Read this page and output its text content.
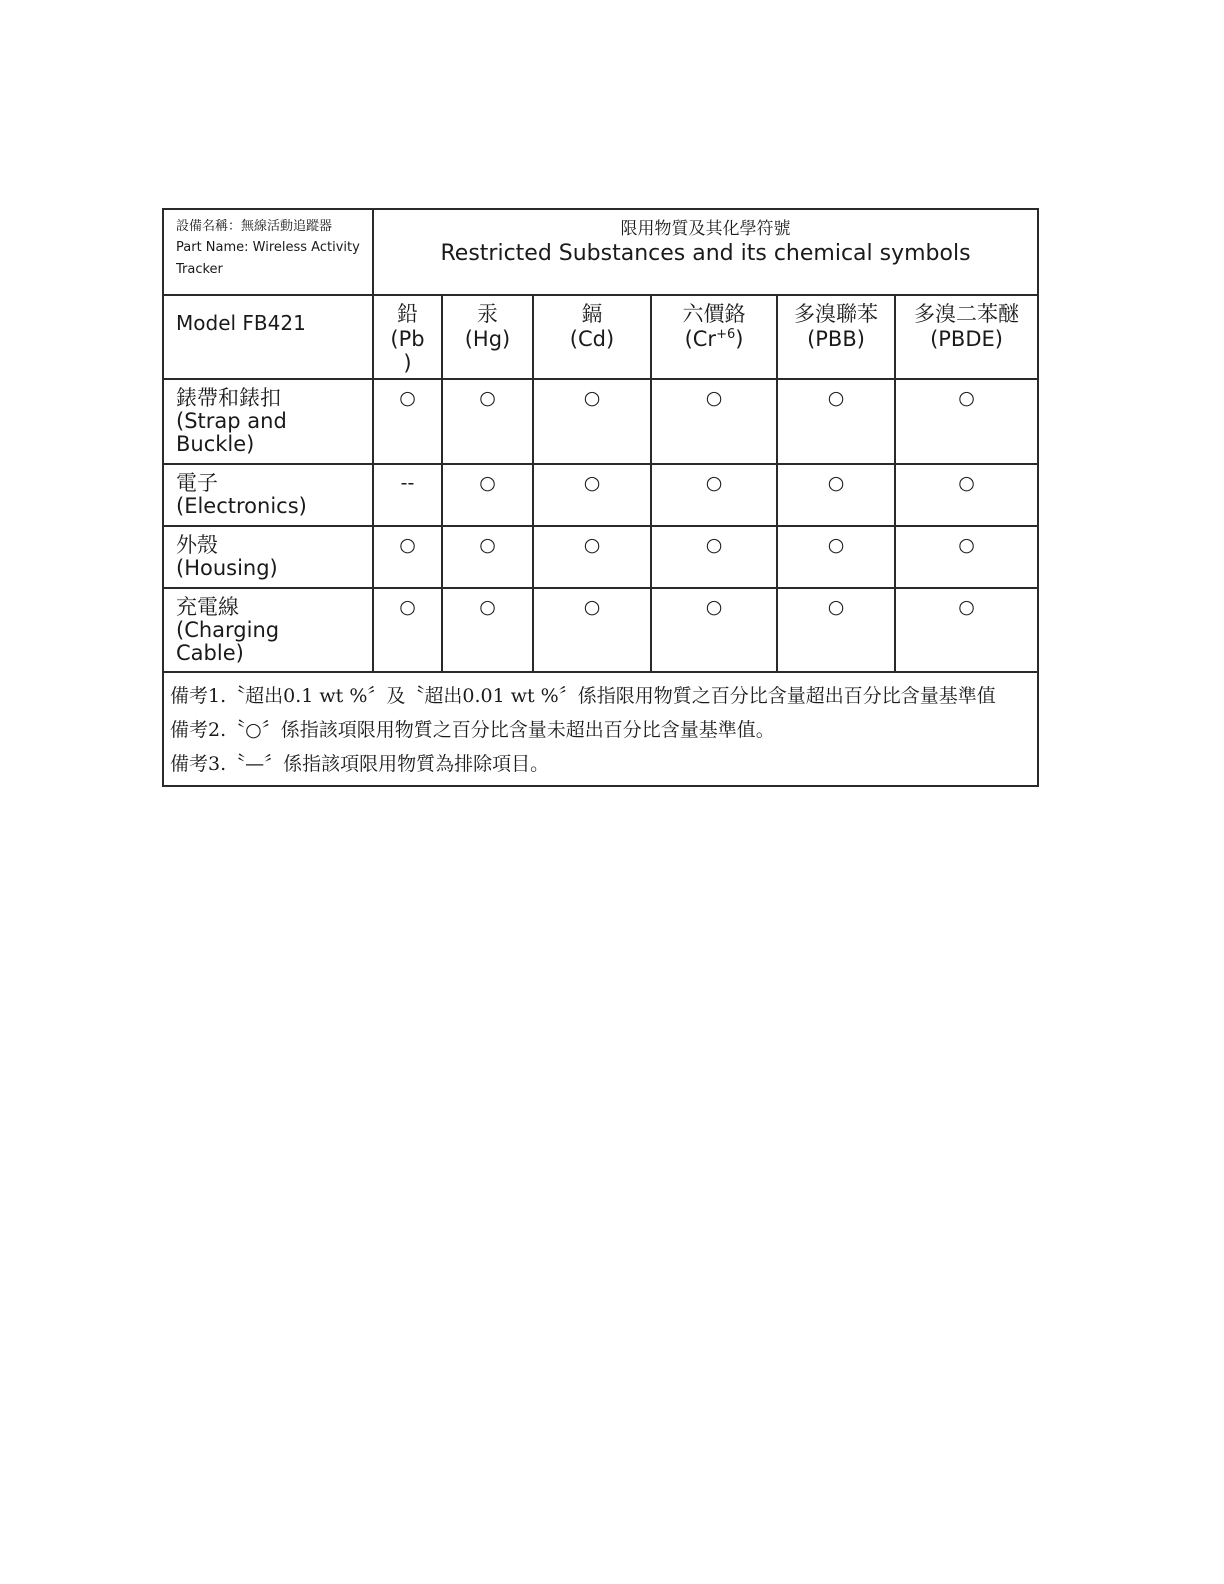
設備名稱：無線活動追蹤器
Part Name: Wireless Activity
Tracker	限用物質及其化學符號
Restricted Substances and its chemical symbols					

Model FB421	鉛
(Pb
)	汞
(Hg)	鎘
(Cd)	六價鉻
$(Cr^{+6})$	多溴聯苯
(PBB)	多溴二苯醚
(PBDE)

錶帶和錶扣
(Strap and
Buckle)	○	○	○	○	○	○

電子
(Electronics)	--	○	○	○	○	○

外殼
(Housing)	○	○	○	○	○	○

充電線
(Charging
Cable)	○	○	○	○	○	○

備考1.〝超出0.1 wt %〞及〝超出0.01 wt %〞係指限用物質之百分比含量超出百分比含量基準值
備考2.〝○〞係指該項限用物質之百分比含量未超出百分比含量基準值。
備考3.〝—〞係指該項限用物質為排除項目。						
